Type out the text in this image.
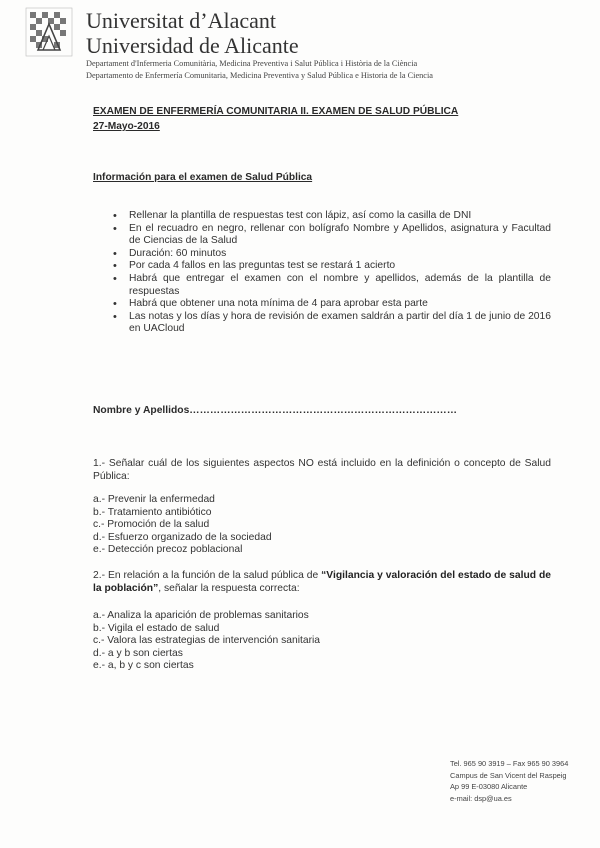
Universitat d’Alacant
Universidad de Alicante
Departament d'Infermeria Comunitària, Medicina Preventiva i Salut Pública i Història de la Ciència
Departamento de Enfermería Comunitaria, Medicina Preventiva y Salud Pública e Historia de la Ciencia
EXAMEN DE ENFERMERÍA COMUNITARIA II. EXAMEN DE SALUD PÚBLICA
27-Mayo-2016
Información para el examen de Salud Pública
• Rellenar la plantilla de respuestas test con lápiz, así como la casilla de DNI
• En el recuadro en negro, rellenar con bolígrafo Nombre y Apellidos, asignatura y Facultad de Ciencias de la Salud
• Duración: 60 minutos
• Por cada 4 fallos en las preguntas test se restará 1 acierto
• Habrá que entregar el examen con el nombre y apellidos, además de la plantilla de respuestas
• Habrá que obtener una nota mínima de 4 para aprobar esta parte
• Las notas y los días y hora de revisión de examen saldrán a partir del día 1 de junio de 2016 en UACloud
Nombre y Apellidos……………………………………………………………………
1.- Señalar cuál de los siguientes aspectos NO está incluido en la definición o concepto de Salud Pública:
a.- Prevenir la enfermedad
b.- Tratamiento antibiótico
c.- Promoción de la salud
d.- Esfuerzo organizado de la sociedad
e.- Detección precoz poblacional
2.- En relación a la función de la salud pública de “Vigilancia y valoración del estado de salud de la población”, señalar la respuesta correcta:
a.- Analiza la aparición de problemas sanitarios
b.- Vigila el estado de salud
c.- Valora las estrategias de intervención sanitaria
d.- a y b son ciertas
e.- a, b y c son ciertas
Tel. 965 90 3919 – Fax 965 90 3964
Campus de San Vicent del Raspeig
Ap 99 E-03080 Alicante
e-mail: dsp@ua.es
